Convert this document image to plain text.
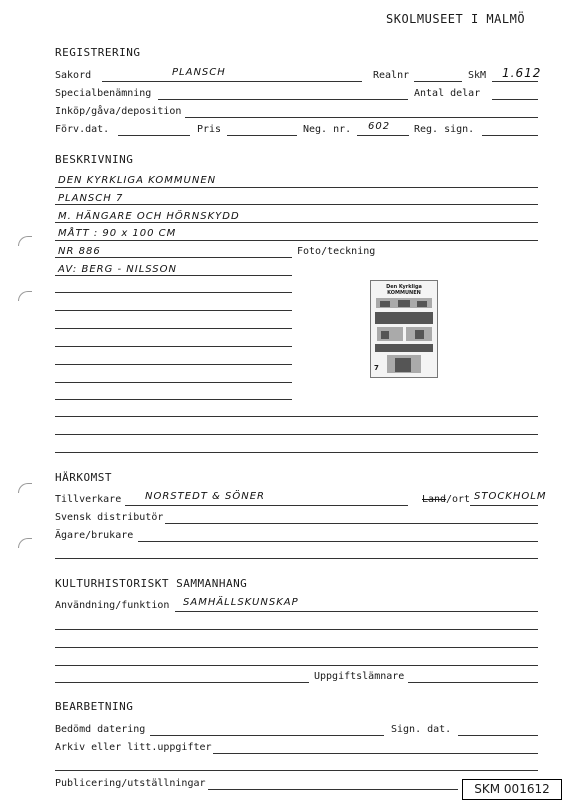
SKOLMUSEET I MALMÖ
REGISTRERING
Sakord	PLANSCH	Realnr	SkM 1.612
Specialbenämning	Antal delar
Inköp/gåva/deposition
Förv.dat.	Pris	Neg. nr. 602 Reg. sign.
BESKRIVNING
DEN KYRKLIGA KOMMUNEN
PLANSCH 7
M. HÄNGARE OCH HÖRNSKYDD
MÅTT : 90 x 100 CM
NR 886	Foto/teckning
AV: BERG - NILSSON
Den Kyrkliga KOMMUNEN
7
HÄRKOMST
Tillverkare NORSTEDT & SÖNER	Land /ort STOCKHOLM
Svensk distributör
Ägare/brukare
KULTURHISTORISKT SAMMANHANG
Användning/funktion SAMHÄLLSKUNSKAP
Uppgiftslämnare
BEARBETNING
Bedömd datering	Sign. dat.
Arkiv eller litt.uppgifter
Publicering/utställningar	SKM 001612
